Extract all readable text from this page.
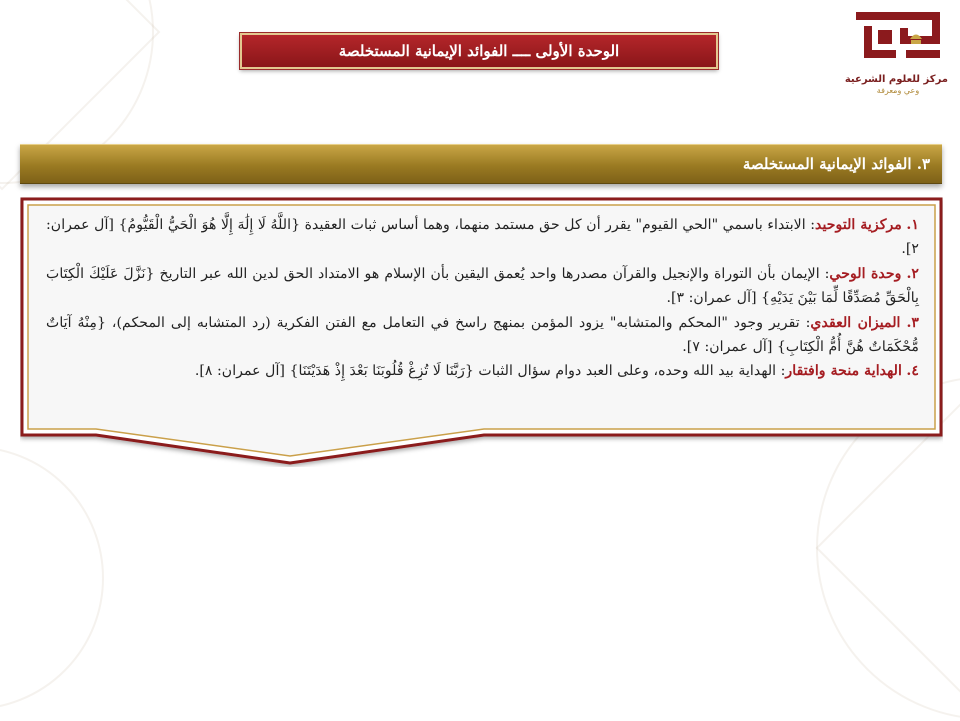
مركز للعلوم الشرعية
وعي ومعرفة
الوحدة الأولى ــــ الفوائد الإيمانية المستخلصة
٣. الفوائد الإيمانية المستخلصة

١. مركزية التوحيد: الابتداء باسمي "الحي القيوم" يقرر أن كل حق مستمد منهما، وهما أساس ثبات العقيدة {اللَّهُ لَا إِلَٰهَ إِلَّا هُوَ الْحَيُّ الْقَيُّومُ} [آل عمران: ٢].

٢. وحدة الوحي: الإيمان بأن التوراة والإنجيل والقرآن مصدرها واحد يُعمق اليقين بأن الإسلام هو الامتداد الحق لدين الله عبر التاريخ {نَزَّلَ عَلَيْكَ الْكِتَابَ بِالْحَقِّ مُصَدِّقًا لِّمَا بَيْنَ يَدَيْهِ} [آل عمران: ٣].

٣. الميزان العقدي: تقرير وجود "المحكم والمتشابه" يزود المؤمن بمنهج راسخ في التعامل مع الفتن الفكرية (رد المتشابه إلى المحكم)، {مِنْهُ آيَاتٌ مُّحْكَمَاتٌ هُنَّ أُمُّ الْكِتَابِ} [آل عمران: ٧].

٤. الهداية منحة وافتقار: الهداية بيد الله وحده، وعلى العبد دوام سؤال الثبات {رَبَّنَا لَا تُزِغْ قُلُوبَنَا بَعْدَ إِذْ هَدَيْتَنَا} [آل عمران: ٨].
